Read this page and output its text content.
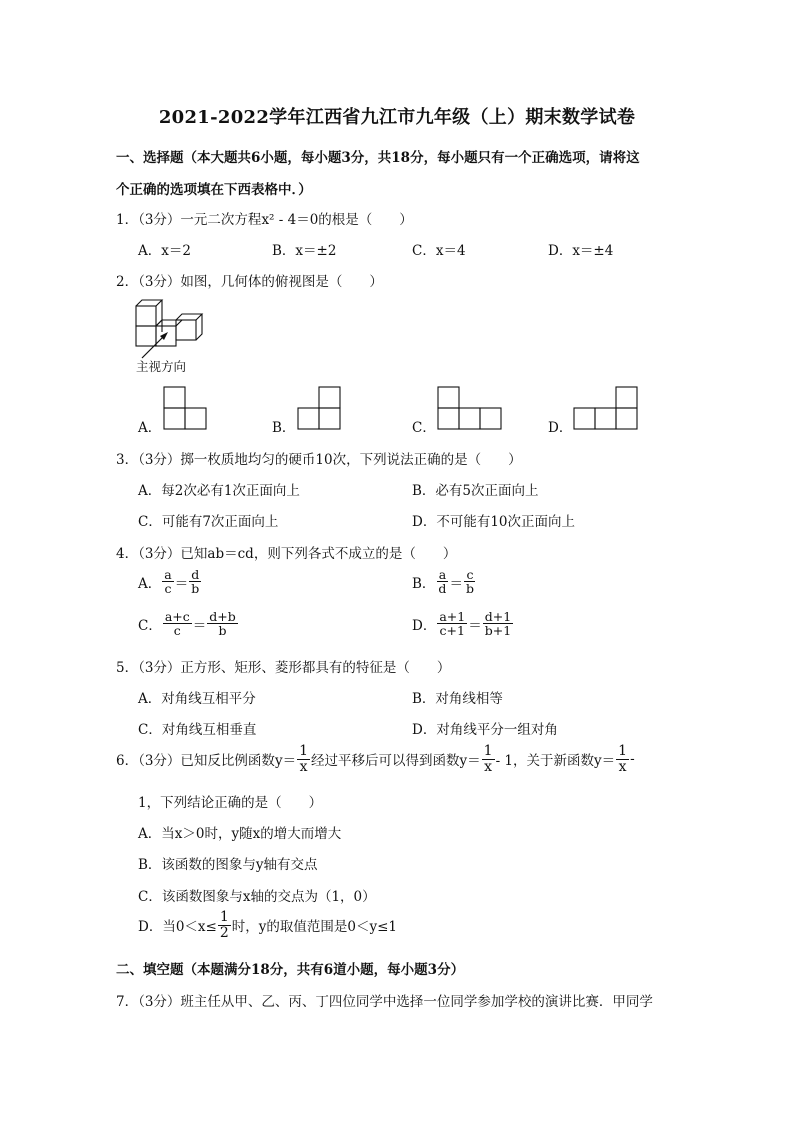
2021-2022学年江西省九江市九年级（上）期末数学试卷
一、选择题（本大题共6小题，每小题3分，共18分，每小题只有一个正确选项，请将这
个正确的选项填在下西表格中．）
1．（3分）一元二次方程x² - 4＝0的根是（　　）
A．x＝2	B．x＝±2	C．x＝4	D．x＝±4
2．（3分）如图，几何体的俯视图是（　　）
主视方向
A．	B．	C．	D．
3．（3分）掷一枚质地均匀的硬币10次，下列说法正确的是（　　）
A．每2次必有1次正面向上	B．必有5次正面向上
C．可能有7次正面向上	D．不可能有10次正面向上
4．（3分）已知ab＝cd，则下列各式不成立的是（　　）
A． $\frac{a}{c} = \frac{d}{b}$	B． $\frac{a}{d} = \frac{c}{b}$
C． $\frac{a+c}{c} = \frac{d+b}{b}$	D． $\frac{a+1}{c+1} = \frac{d+1}{b+1}$
5．（3分）正方形、矩形、菱形都具有的特征是（　　）
A．对角线互相平分	B．对角线相等
C．对角线互相垂直	D．对角线平分一组对角
6．（3分）已知反比例函数 $y= \frac{1}{x}$ 经过平移后可以得到函数 $y= \frac{1}{x} - 1$，关于新函数 $y= \frac{1}{x}$ -
1，下列结论正确的是（　　）
A．当x＞0时，y随x的增大而增大
B．该函数的图象与y轴有交点
C．该函数图象与x轴的交点为（1，0）
D．当$0<x\le \frac{1}{2}$ 时，y的取值范围是0＜y≤1
二、填空题（本题满分18分，共有6道小题，每小题3分）
7．（3分）班主任从甲、乙、丙、丁四位同学中选择一位同学参加学校的演讲比赛．甲同学
